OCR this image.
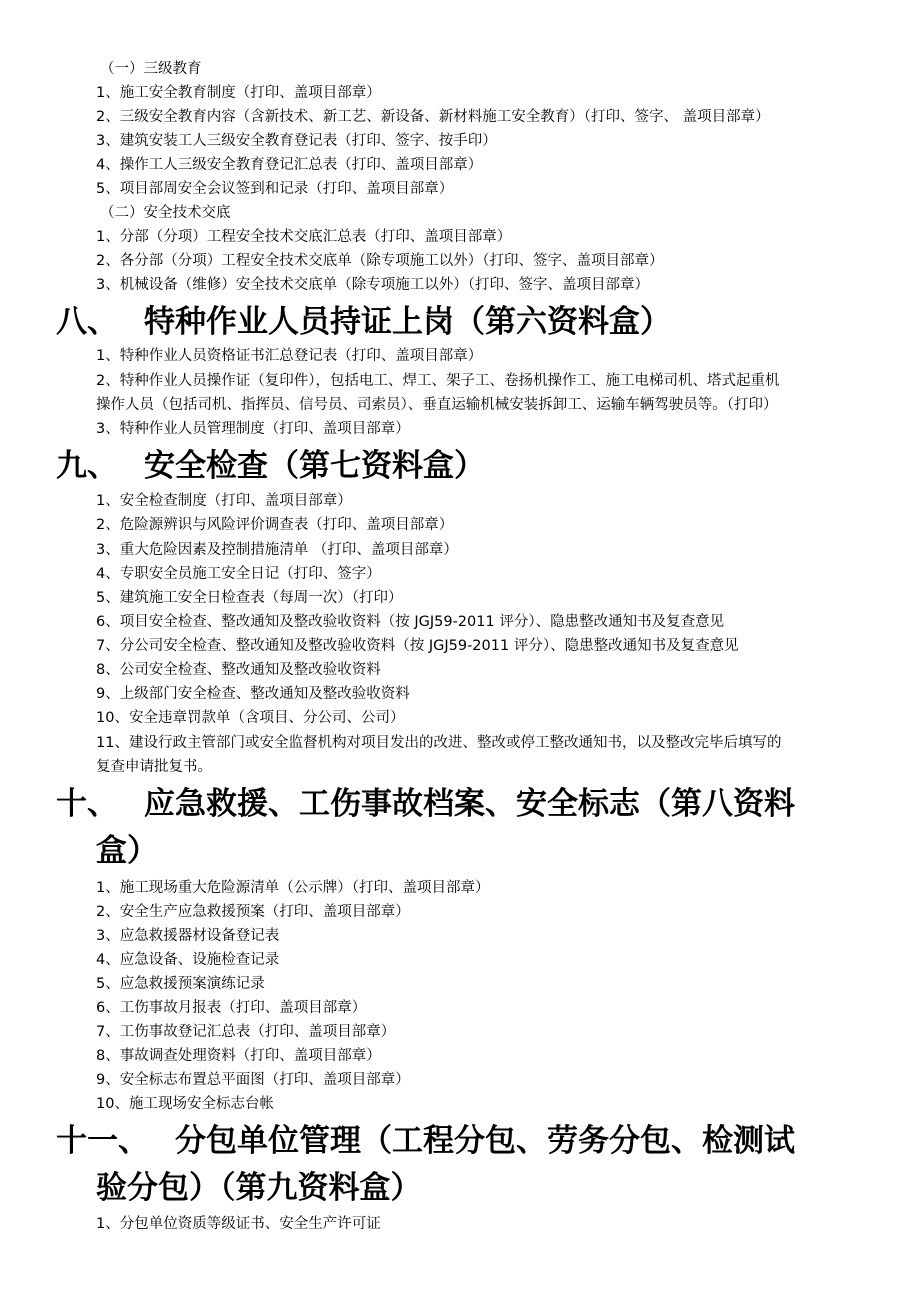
（一）三级教育
1、施工安全教育制度（打印、盖项目部章）
2、三级安全教育内容（含新技术、新工艺、新设备、新材料施工安全教育）（打印、签字、 盖项目部章）
3、建筑安装工人三级安全教育登记表（打印、签字、按手印）
4、操作工人三级安全教育登记汇总表（打印、盖项目部章）
5、项目部周安全会议签到和记录（打印、盖项目部章）
（二）安全技术交底
1、分部（分项）工程安全技术交底汇总表（打印、盖项目部章）
2、各分部（分项）工程安全技术交底单（除专项施工以外）（打印、签字、盖项目部章）
3、机械设备（维修）安全技术交底单（除专项施工以外）（打印、签字、盖项目部章）
八、 特种作业人员持证上岗（第六资料盒）
1、特种作业人员资格证书汇总登记表（打印、盖项目部章）
2、特种作业人员操作证（复印件），包括电工、焊工、架子工、卷扬机操作工、施工电梯司机、塔式起重机
操作人员（包括司机、指挥员、信号员、司索员）、垂直运输机械安装拆卸工、运输车辆驾驶员等。（打印）
3、特种作业人员管理制度（打印、盖项目部章）
九、 安全检查（第七资料盒）
1、安全检查制度（打印、盖项目部章）
2、危险源辨识与风险评价调查表（打印、盖项目部章）
3、重大危险因素及控制措施清单 （打印、盖项目部章）
4、专职安全员施工安全日记（打印、签字）
5、建筑施工安全日检查表（每周一次）（打印）
6、项目安全检查、整改通知及整改验收资料（按 JGJ59-2011 评分）、隐患整改通知书及复查意见
7、分公司安全检查、整改通知及整改验收资料（按 JGJ59-2011 评分）、隐患整改通知书及复查意见
8、公司安全检查、整改通知及整改验收资料
9、上级部门安全检查、整改通知及整改验收资料
10、安全违章罚款单（含项目、分公司、公司）
11、建设行政主管部门或安全监督机构对项目发出的改进、整改或停工整改通知书，以及整改完毕后填写的
复查申请批复书。
十、 应急救援、工伤事故档案、安全标志（第八资料
盒）
1、施工现场重大危险源清单（公示牌）（打印、盖项目部章）
2、安全生产应急救援预案（打印、盖项目部章）
3、应急救援器材设备登记表
4、应急设备、设施检查记录
5、应急救援预案演练记录
6、工伤事故月报表（打印、盖项目部章）
7、工伤事故登记汇总表（打印、盖项目部章）
8、事故调查处理资料（打印、盖项目部章）
9、安全标志布置总平面图（打印、盖项目部章）
10、施工现场安全标志台帐
十一、 分包单位管理（工程分包、劳务分包、检测试
验分包）（第九资料盒）
1、分包单位资质等级证书、安全生产许可证
